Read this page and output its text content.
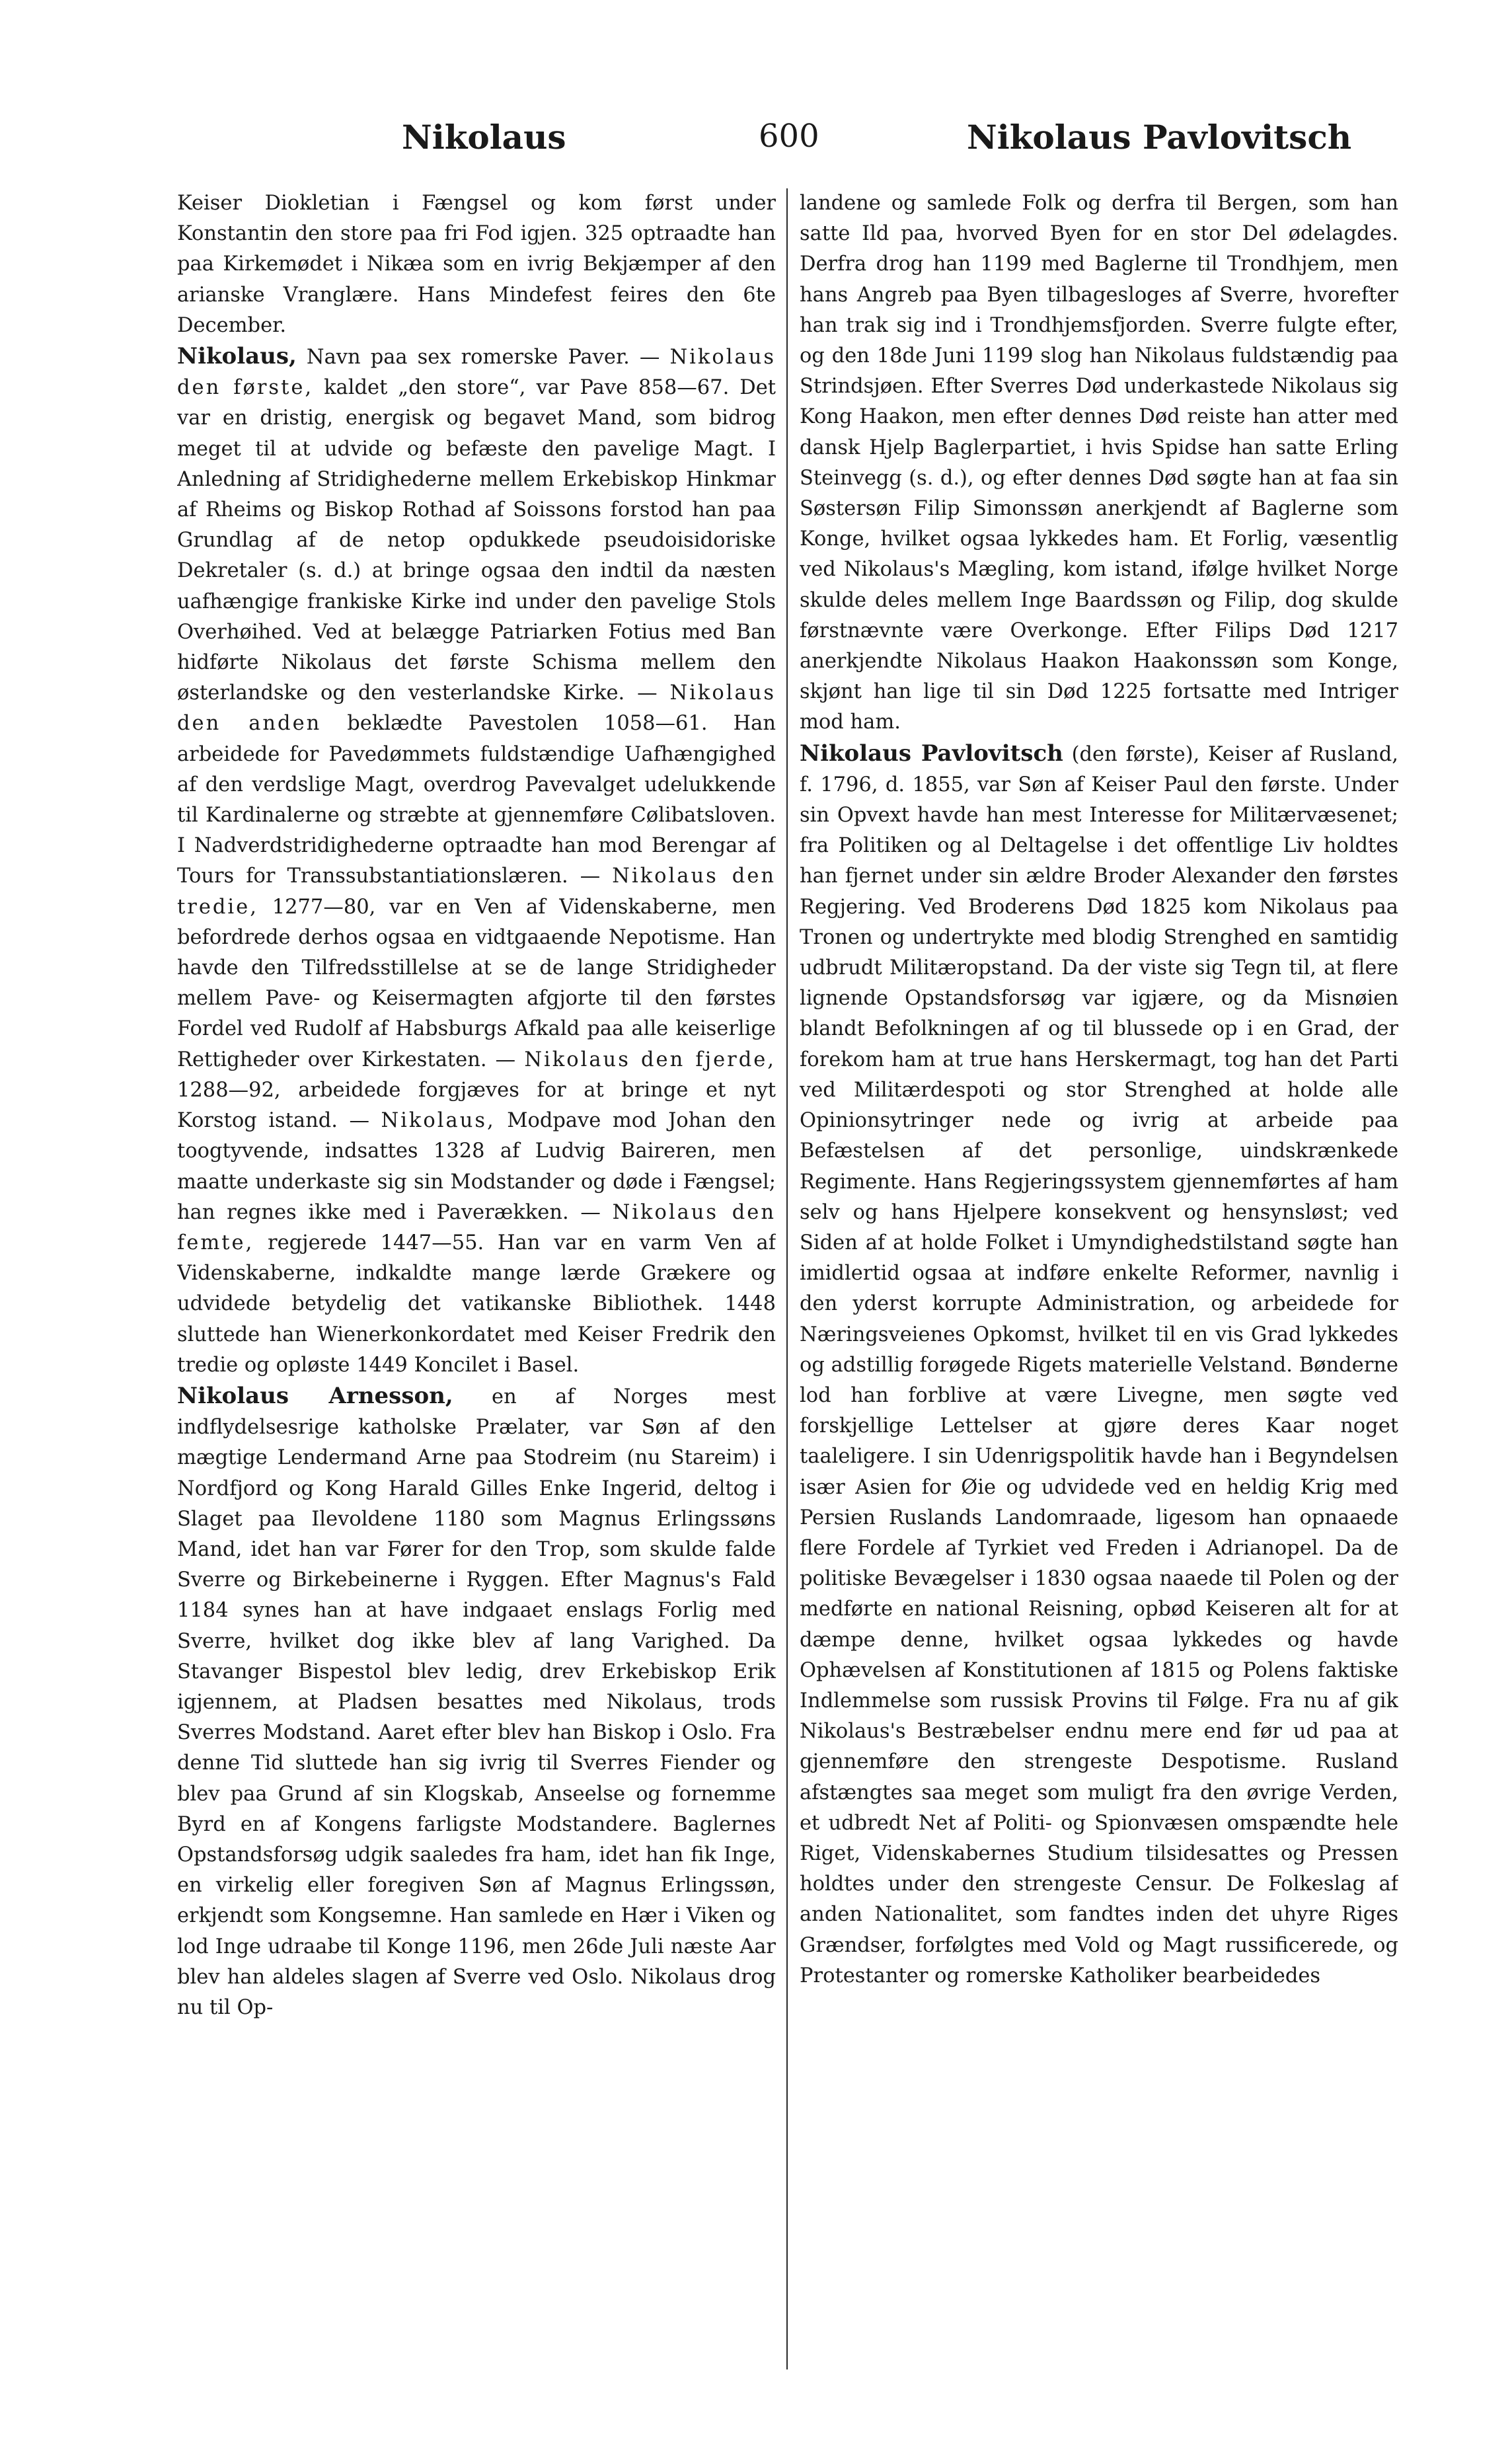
Nikolaus	600	Nikolaus Pavlovitsch

Keiser Diokletian i Fængsel og kom først under Konstantin den store paa fri Fod igjen. 325 optraadte han paa Kirkemødet i Nikæa som en ivrig Bekjæmper af den arianske Vranglære. Hans Mindefest feires den 6te December.

Nikolaus, Navn paa sex romerske Paver. — Nikolaus den første, kaldet „den store“, var Pave 858—67. Det var en dristig, energisk og begavet Mand, som bidrog meget til at udvide og befæste den pavelige Magt. I Anledning af Stridighederne mellem Erkebiskop Hinkmar af Rheims og Biskop Rothad af Soissons forstod han paa Grundlag af de netop opdukkede pseudoisidoriske Dekretaler (s. d.) at bringe ogsaa den indtil da næsten uafhængige frankiske Kirke ind under den pavelige Stols Overhøihed. Ved at belægge Patriarken Fotius med Ban hidførte Nikolaus det første Schisma mellem den østerlandske og den vesterlandske Kirke. — Nikolaus den anden beklædte Pavestolen 1058—61. Han arbeidede for Pavedømmets fuldstændige Uafhængighed af den verdslige Magt, overdrog Pavevalget udelukkende til Kardinalerne og stræbte at gjennemføre Cølibatsloven. I Nadverdstridighederne optraadte han mod Berengar af Tours for Transsubstantiationslæren. — Nikolaus den tredie, 1277—80, var en Ven af Videnskaberne, men befordrede derhos ogsaa en vidtgaaende Nepotisme. Han havde den Tilfredsstillelse at se de lange Stridigheder mellem Pave- og Keisermagten afgjorte til den førstes Fordel ved Rudolf af Habsburgs Afkald paa alle keiserlige Rettigheder over Kirkestaten. — Nikolaus den fjerde, 1288—92, arbeidede forgjæves for at bringe et nyt Korstog istand. — Nikolaus, Modpave mod Johan den toogtyvende, indsattes 1328 af Ludvig Baireren, men maatte underkaste sig sin Modstander og døde i Fængsel; han regnes ikke med i Paverækken. — Nikolaus den femte, regjerede 1447—55. Han var en varm Ven af Videnskaberne, indkaldte mange lærde Grækere og udvidede betydelig det vatikanske Bibliothek. 1448 sluttede han Wienerkonkordatet med Keiser Fredrik den tredie og opløste 1449 Koncilet i Basel.

Nikolaus Arnesson, en af Norges mest indflydelsesrige katholske Prælater, var Søn af den mægtige Lendermand Arne paa Stodreim (nu Stareim) i Nordfjord og Kong Harald Gilles Enke Ingerid, deltog i Slaget paa Ilevoldene 1180 som Magnus Erlingssøns Mand, idet han var Fører for den Trop, som skulde falde Sverre og Birkebeinerne i Ryggen. Efter Magnus's Fald 1184 synes han at have indgaaet enslags Forlig med Sverre, hvilket dog ikke blev af lang Varighed. Da Stavanger Bispestol blev ledig, drev Erkebiskop Erik igjennem, at Pladsen besattes med Nikolaus, trods Sverres Modstand. Aaret efter blev han Biskop i Oslo. Fra denne Tid sluttede han sig ivrig til Sverres Fiender og blev paa Grund af sin Klogskab, Anseelse og fornemme Byrd en af Kongens farligste Modstandere. Baglernes Opstandsforsøg udgik saaledes fra ham, idet han fik Inge, en virkelig eller foregiven Søn af Magnus Erlingssøn, erkjendt som Kongsemne. Han samlede en Hær i Viken og lod Inge udraabe til Konge 1196, men 26de Juli næste Aar blev han aldeles slagen af Sverre ved Oslo. Nikolaus drog nu til Op-

landene og samlede Folk og derfra til Bergen, som han satte Ild paa, hvorved Byen for en stor Del ødelagdes. Derfra drog han 1199 med Baglerne til Trondhjem, men hans Angreb paa Byen tilbagesloges af Sverre, hvorefter han trak sig ind i Trondhjemsfjorden. Sverre fulgte efter, og den 18de Juni 1199 slog han Nikolaus fuldstændig paa Strindsjøen. Efter Sverres Død underkastede Nikolaus sig Kong Haakon, men efter dennes Død reiste han atter med dansk Hjelp Baglerpartiet, i hvis Spidse han satte Erling Steinvegg (s. d.), og efter dennes Død søgte han at faa sin Søstersøn Filip Simonssøn anerkjendt af Baglerne som Konge, hvilket ogsaa lykkedes ham. Et Forlig, væsentlig ved Nikolaus's Mægling, kom istand, ifølge hvilket Norge skulde deles mellem Inge Baardssøn og Filip, dog skulde førstnævnte være Overkonge. Efter Filips Død 1217 anerkjendte Nikolaus Haakon Haakonssøn som Konge, skjønt han lige til sin Død 1225 fortsatte med Intriger mod ham.

Nikolaus Pavlovitsch (den første), Keiser af Rusland, f. 1796, d. 1855, var Søn af Keiser Paul den første. Under sin Opvext havde han mest Interesse for Militærvæsenet; fra Politiken og al Deltagelse i det offentlige Liv holdtes han fjernet under sin ældre Broder Alexander den førstes Regjering. Ved Broderens Død 1825 kom Nikolaus paa Tronen og undertrykte med blodig Strenghed en samtidig udbrudt Militæropstand. Da der viste sig Tegn til, at flere lignende Opstandsforsøg var igjære, og da Misnøien blandt Befolkningen af og til blussede op i en Grad, der forekom ham at true hans Herskermagt, tog han det Parti ved Militærdespoti og stor Strenghed at holde alle Opinionsytringer nede og ivrig at arbeide paa Befæstelsen af det personlige, uindskrænkede Regimente. Hans Regjeringssystem gjennemførtes af ham selv og hans Hjelpere konsekvent og hensynsløst; ved Siden af at holde Folket i Umyndighedstilstand søgte han imidlertid ogsaa at indføre enkelte Reformer, navnlig i den yderst korrupte Administration, og arbeidede for Næringsveienes Opkomst, hvilket til en vis Grad lykkedes og adstillig forøgede Rigets materielle Velstand. Bønderne lod han forblive at være Livegne, men søgte ved forskjellige Lettelser at gjøre deres Kaar noget taaleligere. I sin Udenrigspolitik havde han i Begyndelsen især Asien for Øie og udvidede ved en heldig Krig med Persien Ruslands Landomraade, ligesom han opnaaede flere Fordele af Tyrkiet ved Freden i Adrianopel. Da de politiske Bevægelser i 1830 ogsaa naaede til Polen og der medførte en national Reisning, opbød Keiseren alt for at dæmpe denne, hvilket ogsaa lykkedes og havde Ophævelsen af Konstitutionen af 1815 og Polens faktiske Indlemmelse som russisk Provins til Følge. Fra nu af gik Nikolaus's Bestræbelser endnu mere end før ud paa at gjennemføre den strengeste Despotisme. Rusland afstængtes saa meget som muligt fra den øvrige Verden, et udbredt Net af Politi- og Spionvæsen omspændte hele Riget, Videnskabernes Studium tilsidesattes og Pressen holdtes under den strengeste Censur. De Folkeslag af anden Nationalitet, som fandtes inden det uhyre Riges Grændser, forfølgtes med Vold og Magt russificerede, og Protestanter og romerske Katholiker bearbeidedes
